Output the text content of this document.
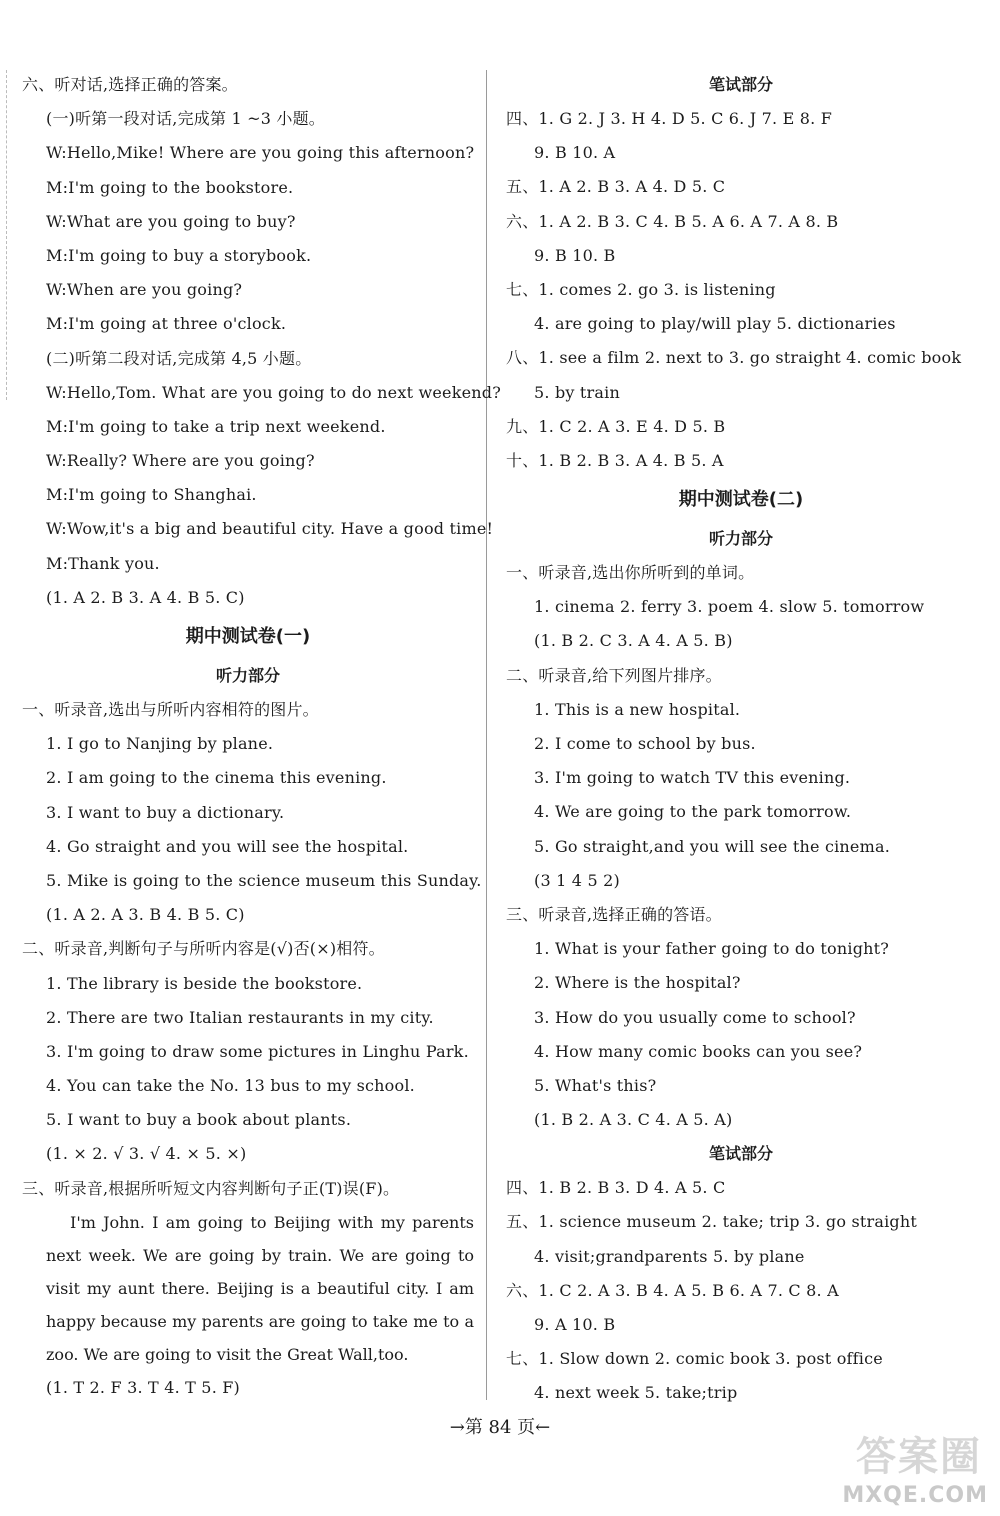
六、听对话,选择正确的答案。
(一)听第一段对话,完成第 1 ~3 小题。
W:Hello,Mike! Where are you going this afternoon?
M:I'm going to the bookstore.
W:What are you going to buy?
M:I'm going to buy a storybook.
W:When are you going?
M:I'm going at three o'clock.
(二)听第二段对话,完成第 4,5 小题。
W:Hello,Tom. What are you going to do next weekend?
M:I'm going to take a trip next weekend.
W:Really? Where are you going?
M:I'm going to Shanghai.
W:Wow,it's a big and beautiful city. Have a good time!
M:Thank you.
(1. A 2. B 3. A 4. B 5. C)
期中测试卷(一)
听力部分
一、听录音,选出与所听内容相符的图片。
1. I go to Nanjing by plane.
2. I am going to the cinema this evening.
3. I want to buy a dictionary.
4. Go straight and you will see the hospital.
5. Mike is going to the science museum this Sunday.
(1. A 2. A 3. B 4. B 5. C)
二、听录音,判断句子与所听内容是(√)否(×)相符。
1. The library is beside the bookstore.
2. There are two Italian restaurants in my city.
3. I'm going to draw some pictures in Linghu Park.
4. You can take the No. 13 bus to my school.
5. I want to buy a book about plants.
(1. × 2. √ 3. √ 4. × 5. ×)
三、听录音,根据所听短文内容判断句子正(T)误(F)。
I'm John. I am going to Beijing with my parents next week. We are going by train. We are going to visit my aunt there. Beijing is a beautiful city. I am happy because my parents are going to take me to a zoo. We are going to visit the Great Wall,too.
(1. T 2. F 3. T 4. T 5. F)
笔试部分
四、1. G 2. J 3. H 4. D 5. C 6. J 7. E 8. F
9. B 10. A
五、1. A 2. B 3. A 4. D 5. C
六、1. A 2. B 3. C 4. B 5. A 6. A 7. A 8. B
9. B 10. B
七、1. comes 2. go 3. is listening
4. are going to play/will play 5. dictionaries
八、1. see a film 2. next to 3. go straight 4. comic book
5. by train
九、1. C 2. A 3. E 4. D 5. B
十、1. B 2. B 3. A 4. B 5. A
期中测试卷(二)
听力部分
一、听录音,选出你所听到的单词。
1. cinema 2. ferry 3. poem 4. slow 5. tomorrow
(1. B 2. C 3. A 4. A 5. B)
二、听录音,给下列图片排序。
1. This is a new hospital.
2. I come to school by bus.
3. I'm going to watch TV this evening.
4. We are going to the park tomorrow.
5. Go straight,and you will see the cinema.
(3 1 4 5 2)
三、听录音,选择正确的答语。
1. What is your father going to do tonight?
2. Where is the hospital?
3. How do you usually come to school?
4. How many comic books can you see?
5. What's this?
(1. B 2. A 3. C 4. A 5. A)
笔试部分
四、1. B 2. B 3. D 4. A 5. C
五、1. science museum 2. take; trip 3. go straight
4. visit;grandparents 5. by plane
六、1. C 2. A 3. B 4. A 5. B 6. A 7. C 8. A
9. A 10. B
七、1. Slow down 2. comic book 3. post office
4. next week 5. take;trip
→第 84 页←
答案圈
MXQE.COM
